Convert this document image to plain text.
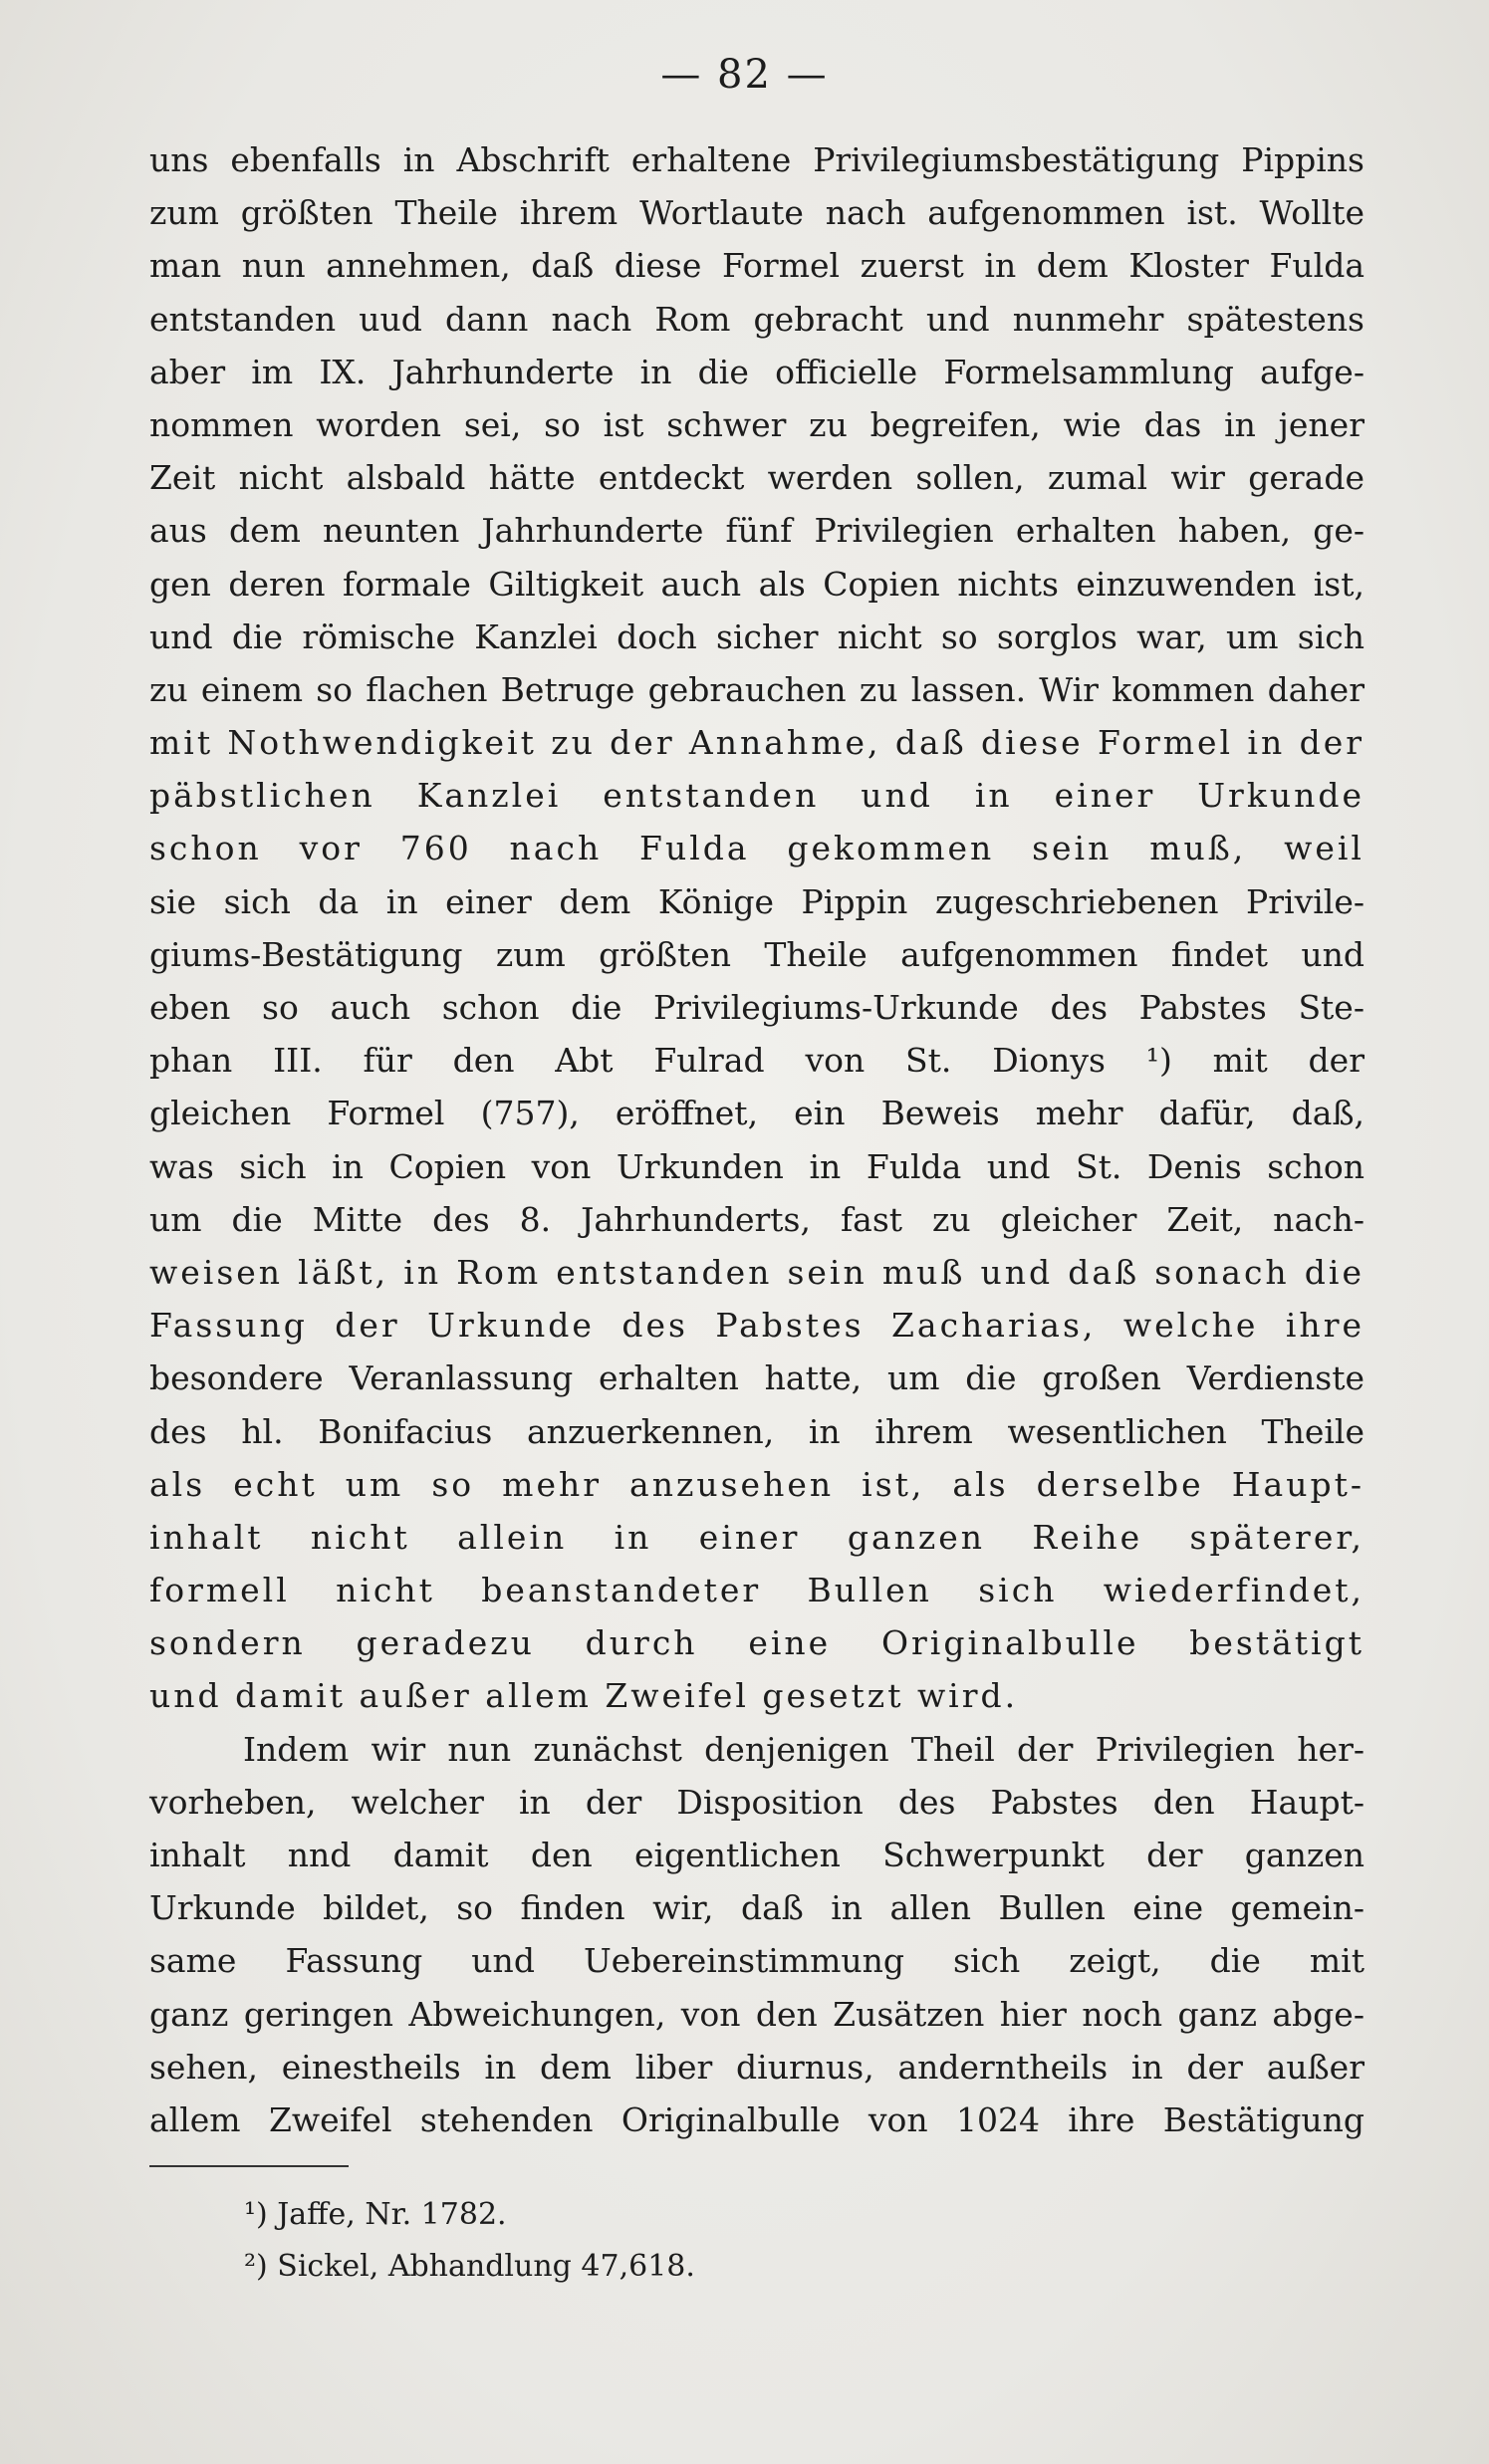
— 82 —
uns ebenfalls in Abschrift erhaltene Privilegiumsbestätigung Pippins
zum größten Theile ihrem Wortlaute nach aufgenommen ist. Wollte
man nun annehmen, daß diese Formel zuerst in dem Kloster Fulda
entstanden uud dann nach Rom gebracht und nunmehr spätestens
aber im IX. Jahrhunderte in die officielle Formelsammlung aufge-
nommen worden sei, so ist schwer zu begreifen, wie das in jener
Zeit nicht alsbald hätte entdeckt werden sollen, zumal wir gerade
aus dem neunten Jahrhunderte fünf Privilegien erhalten haben, ge-
gen deren formale Giltigkeit auch als Copien nichts einzuwenden ist,
und die römische Kanzlei doch sicher nicht so sorglos war, um sich
zu einem so flachen Betruge gebrauchen zu lassen. Wir kommen daher
mit Nothwendigkeit zu der Annahme, daß diese Formel in der
päbstlichen Kanzlei entstanden und in einer Urkunde
schon vor 760 nach Fulda gekommen sein muß, weil
sie sich da in einer dem Könige Pippin zugeschriebenen Privile-
giums-Bestätigung zum größten Theile aufgenommen findet und
eben so auch schon die Privilegiums-Urkunde des Pabstes Ste-
phan III. für den Abt Fulrad von St. Dionys ¹) mit der
gleichen Formel (757), eröffnet, ein Beweis mehr dafür, daß,
was sich in Copien von Urkunden in Fulda und St. Denis schon
um die Mitte des 8. Jahrhunderts, fast zu gleicher Zeit, nach-
weisen läßt, in Rom entstanden sein muß und daß sonach die
Fassung der Urkunde des Pabstes Zacharias, welche ihre
besondere Veranlassung erhalten hatte, um die großen Verdienste
des hl. Bonifacius anzuerkennen, in ihrem wesentlichen Theile
als echt um so mehr anzusehen ist, als derselbe Haupt-
inhalt nicht allein in einer ganzen Reihe späterer,
formell nicht beanstandeter Bullen sich wiederfindet,
sondern geradezu durch eine Originalbulle bestätigt
und damit außer allem Zweifel gesetzt wird.
Indem wir nun zunächst denjenigen Theil der Privilegien her-
vorheben, welcher in der Disposition des Pabstes den Haupt-
inhalt nnd damit den eigentlichen Schwerpunkt der ganzen
Urkunde bildet, so finden wir, daß in allen Bullen eine gemein-
same Fassung und Uebereinstimmung sich zeigt, die mit
ganz geringen Abweichungen, von den Zusätzen hier noch ganz abge-
sehen, einestheils in dem liber diurnus, anderntheils in der außer
allem Zweifel stehenden Originalbulle von 1024 ihre Bestätigung
¹) Jaffe, Nr. 1782.
²) Sickel, Abhandlung 47,618.
